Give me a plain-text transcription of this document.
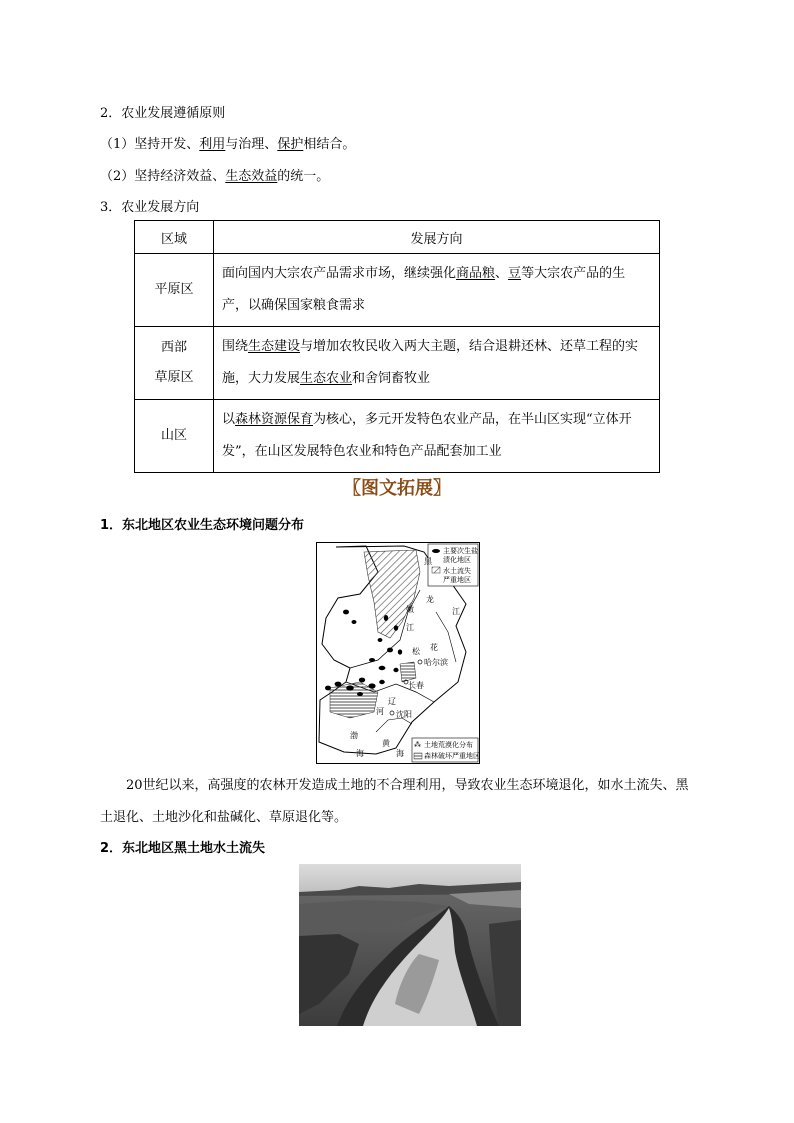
2．农业发展遵循原则
（1）坚持开发、利用与治理、保护相结合。
（2）坚持经济效益、生态效益的统一。
3．农业发展方向
区域	发展方向
平原区	面向国内大宗农产品需求市场，继续强化商品粮、豆等大宗农产品的生产，以确保国家粮食需求
西部
草原区	围绕生态建设与增加农牧民收入两大主题，结合退耕还林、还草工程的实施，大力发展生态农业和舍饲畜牧业
山区	以森林资源保育为核心，多元开发特色农业产品，在半山区实现“立体开发”，在山区发展特色农业和特色产品配套加工业
〖图文拓展〗
1．东北地区农业生态环境问题分布
主要次生盐
渍化地区
水土流失
严重地区
⁂ 土地荒漠化分布
森林破坏严重地区
哈尔滨
长春
沈阳
黑
龙
江
松 花
辽
河
嫩
江
渤
海
黄
海
20世纪以来，高强度的农林开发造成土地的不合理利用，导致农业生态环境退化，如水土流失、黑土退化、土地沙化和盐碱化、草原退化等。
2．东北地区黑土地水土流失
